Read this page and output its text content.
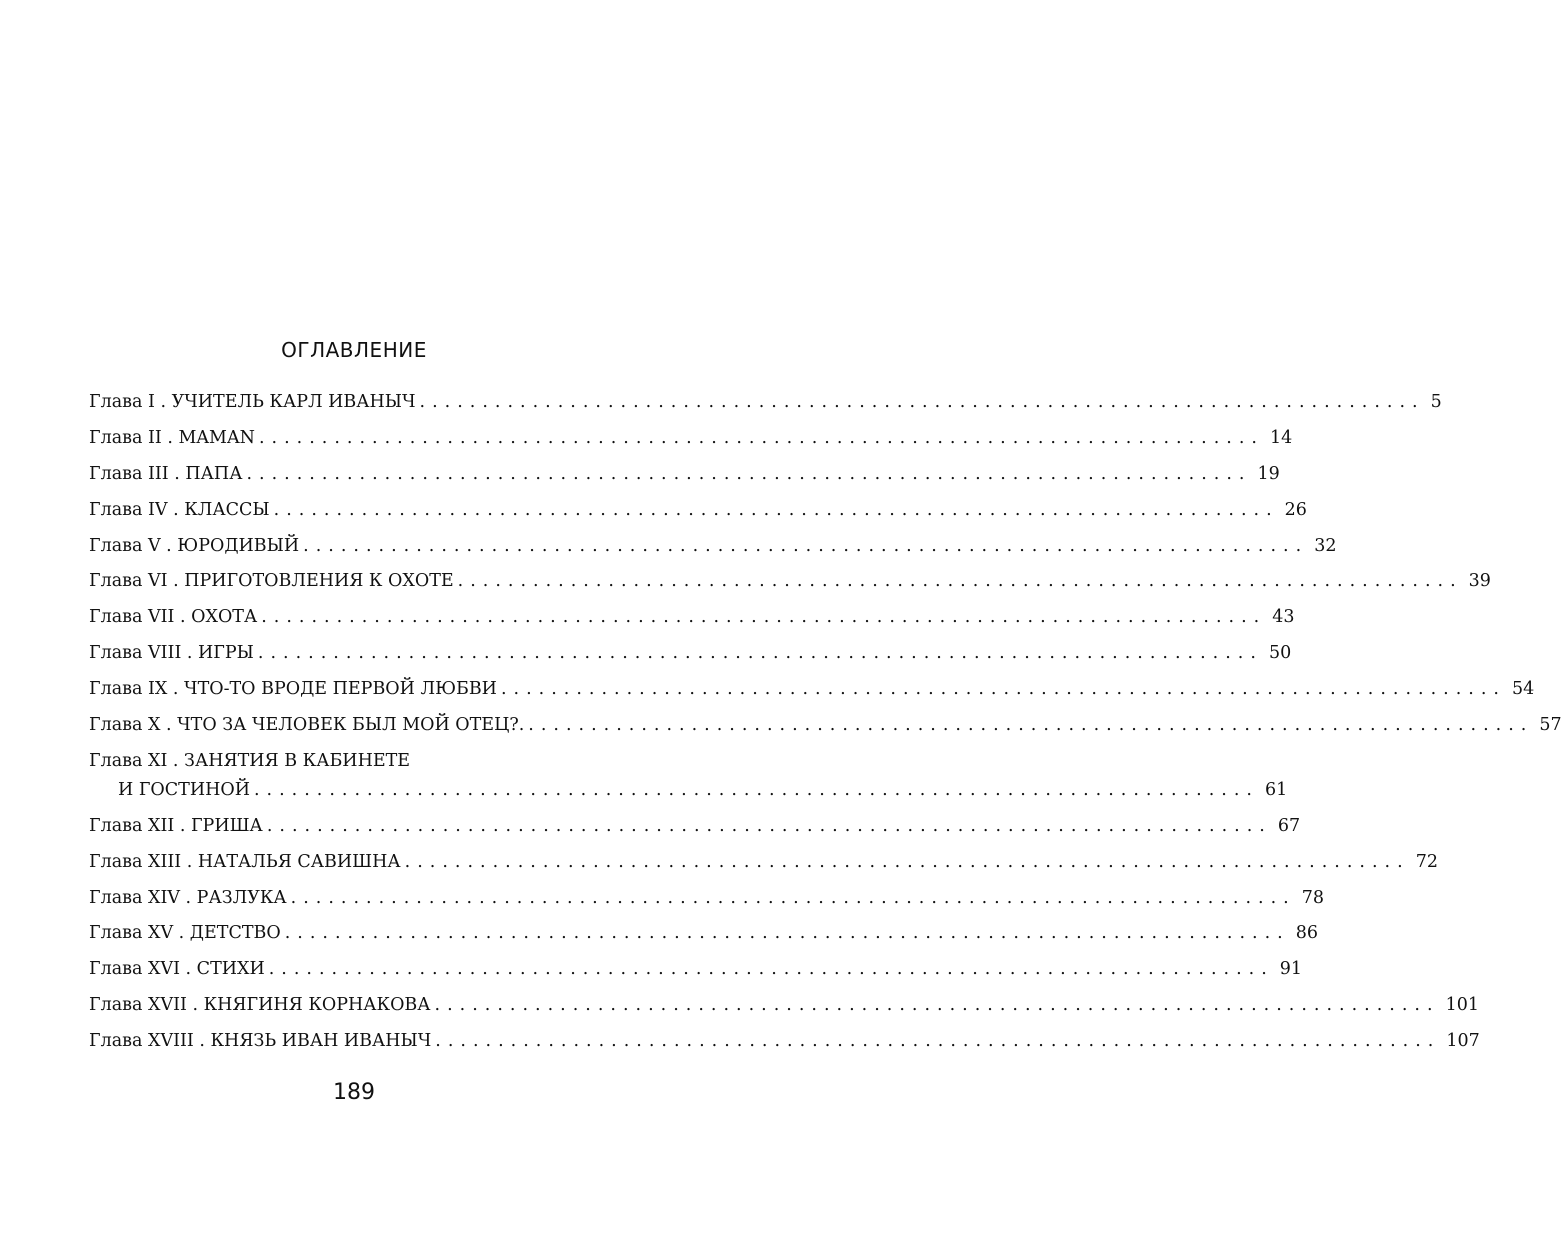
ОГЛАВЛЕНИЕ
Глава I . УЧИТЕЛЬ КАРЛ ИВАНЫЧ ................................................................................ 5
Глава II . MAMAN ................................................................................ 14
Глава III . ПАПА ................................................................................ 19
Глава IV . КЛАССЫ ................................................................................ 26
Глава V . ЮРОДИВЫЙ ................................................................................ 32
Глава VI . ПРИГОТОВЛЕНИЯ К ОХОТЕ ................................................................................ 39
Глава VII . ОХОТА ................................................................................ 43
Глава VIII . ИГРЫ ................................................................................ 50
Глава IX . ЧТО-ТО ВРОДЕ ПЕРВОЙ ЛЮБВИ ................................................................................ 54
Глава X . ЧТО ЗА ЧЕЛОВЕК БЫЛ МОЙ ОТЕЦ?. ................................................................................ 57
Глава XI . ЗАНЯТИЯ В КАБИНЕТЕ
И ГОСТИНОЙ ................................................................................ 61
Глава XII . ГРИША ................................................................................ 67
Глава XIII . НАТАЛЬЯ САВИШНА ................................................................................ 72
Глава XIV . РАЗЛУКА ................................................................................ 78
Глава XV . ДЕТСТВО ................................................................................ 86
Глава XVI . СТИХИ ................................................................................ 91
Глава XVII . КНЯГИНЯ КОРНАКОВА ................................................................................ 101
Глава XVIII . КНЯЗЬ ИВАН ИВАНЫЧ ................................................................................ 107
189
